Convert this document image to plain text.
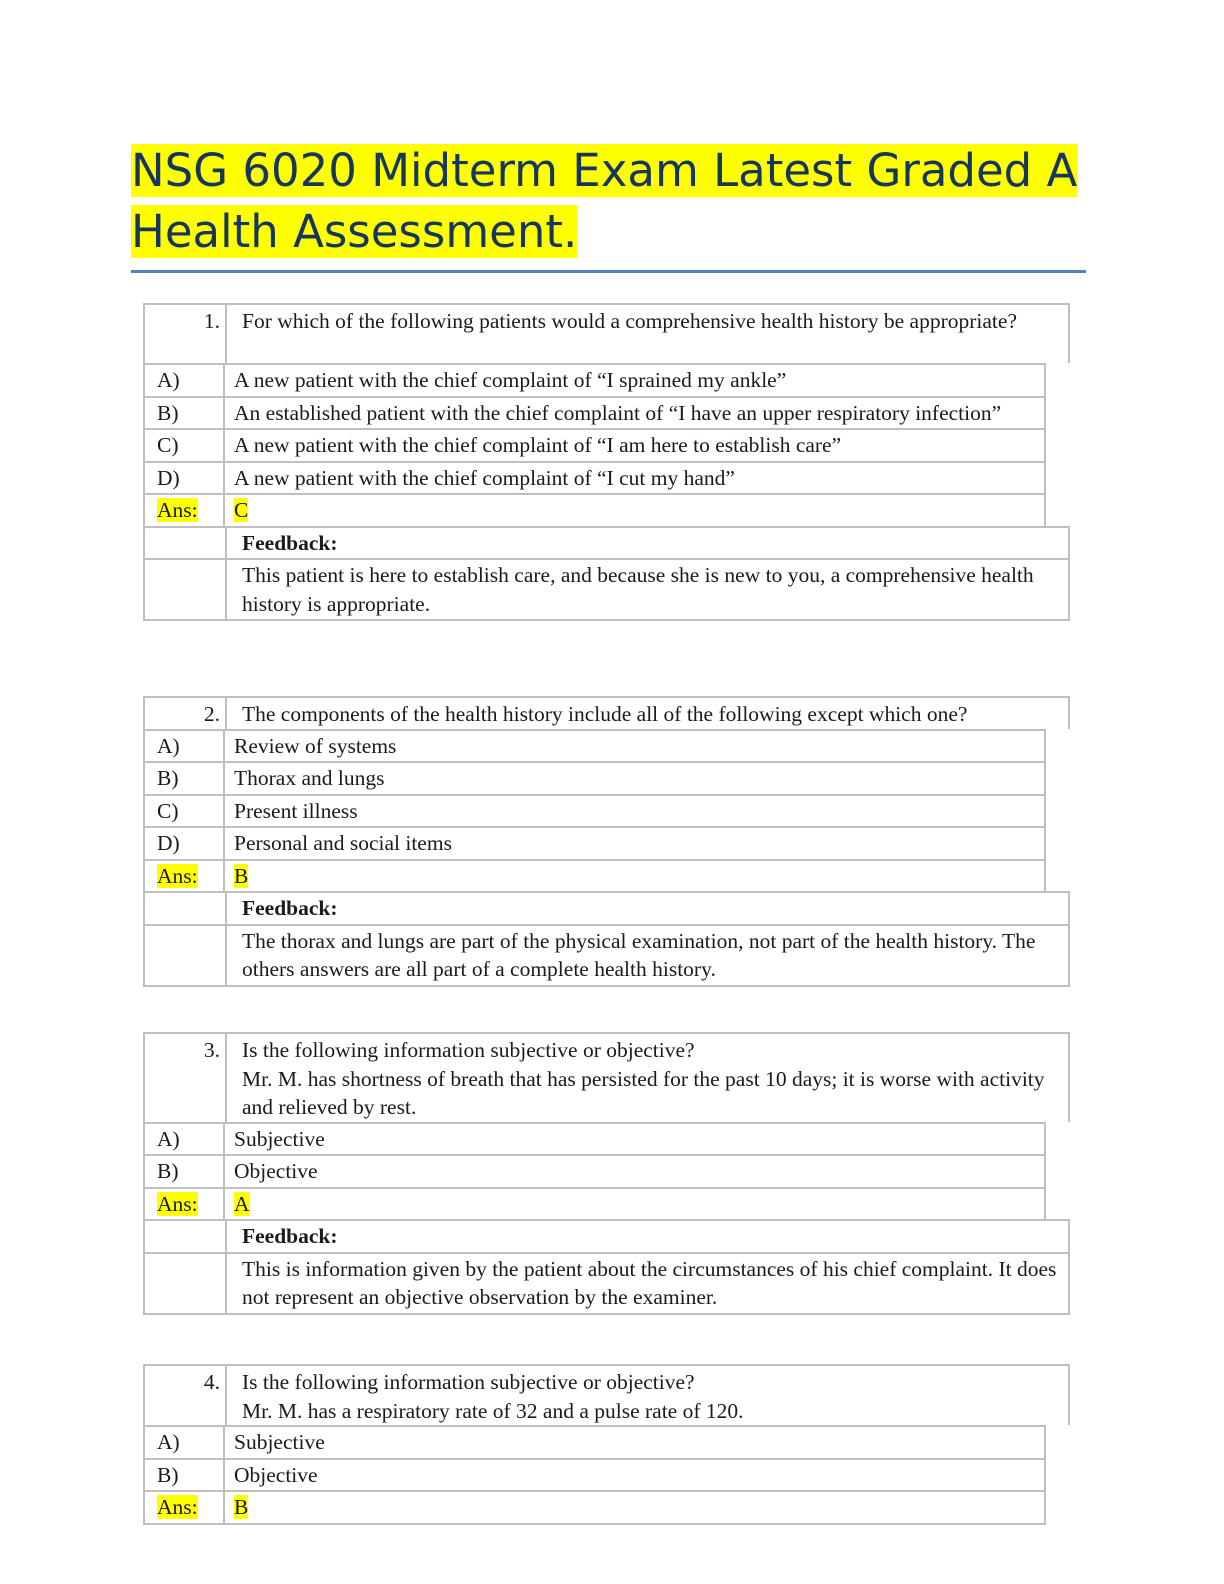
NSG 6020 Midterm Exam Latest Graded A
Health Assessment.
1.	For which of the following patients would a comprehensive health history be appropriate?
A)	A new patient with the chief complaint of “I sprained my ankle”
B)	An established patient with the chief complaint of “I have an upper respiratory infection”
C)	A new patient with the chief complaint of “I am here to establish care”
D)	A new patient with the chief complaint of “I cut my hand”
Ans:	C
Feedback:
This patient is here to establish care, and because she is new to you, a comprehensive health history is appropriate.
2.	The components of the health history include all of the following except which one?
A)	Review of systems
B)	Thorax and lungs
C)	Present illness
D)	Personal and social items
Ans:	B
Feedback:
The thorax and lungs are part of the physical examination, not part of the health history. The others answers are all part of a complete health history.
3.	Is the following information subjective or objective?
Mr. M. has shortness of breath that has persisted for the past 10 days; it is worse with activity and relieved by rest.
A)	Subjective
B)	Objective
Ans:	A
Feedback:
This is information given by the patient about the circumstances of his chief complaint. It does not represent an objective observation by the examiner.
4.	Is the following information subjective or objective?
Mr. M. has a respiratory rate of 32 and a pulse rate of 120.
A)	Subjective
B)	Objective
Ans:	B
